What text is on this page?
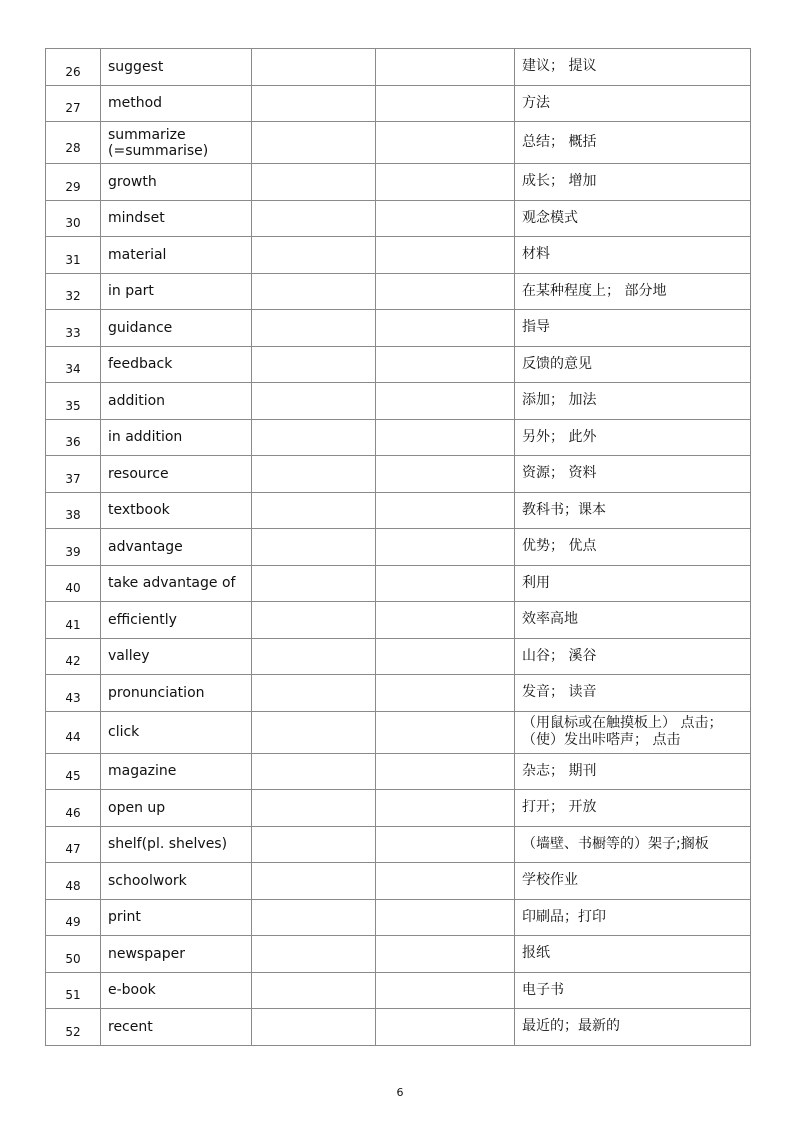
26	suggest			建议； 提议
27	method			方法
28	summarize (=summarise)			总结； 概括
29	growth			成长； 增加
30	mindset			观念模式
31	material			材料
32	in part			在某种程度上； 部分地
33	guidance			指导
34	feedback			反馈的意见
35	addition			添加； 加法
36	in addition			另外； 此外
37	resource			资源； 资料
38	textbook			教科书；课本
39	advantage			优势； 优点
40	take advantage of			利用
41	efficiently			效率高地
42	valley			山谷； 溪谷
43	pronunciation			发音； 读音
44	click			（用鼠标或在触摸板上） 点击； （使）发出咔嗒声； 点击
45	magazine			杂志； 期刊
46	open up			打开； 开放
47	shelf(pl. shelves)			（墙壁、书橱等的）架子;搁板
48	schoolwork			学校作业
49	print			印刷品；打印
50	newspaper			报纸
51	e-book			电子书
52	recent			最近的；最新的
6
